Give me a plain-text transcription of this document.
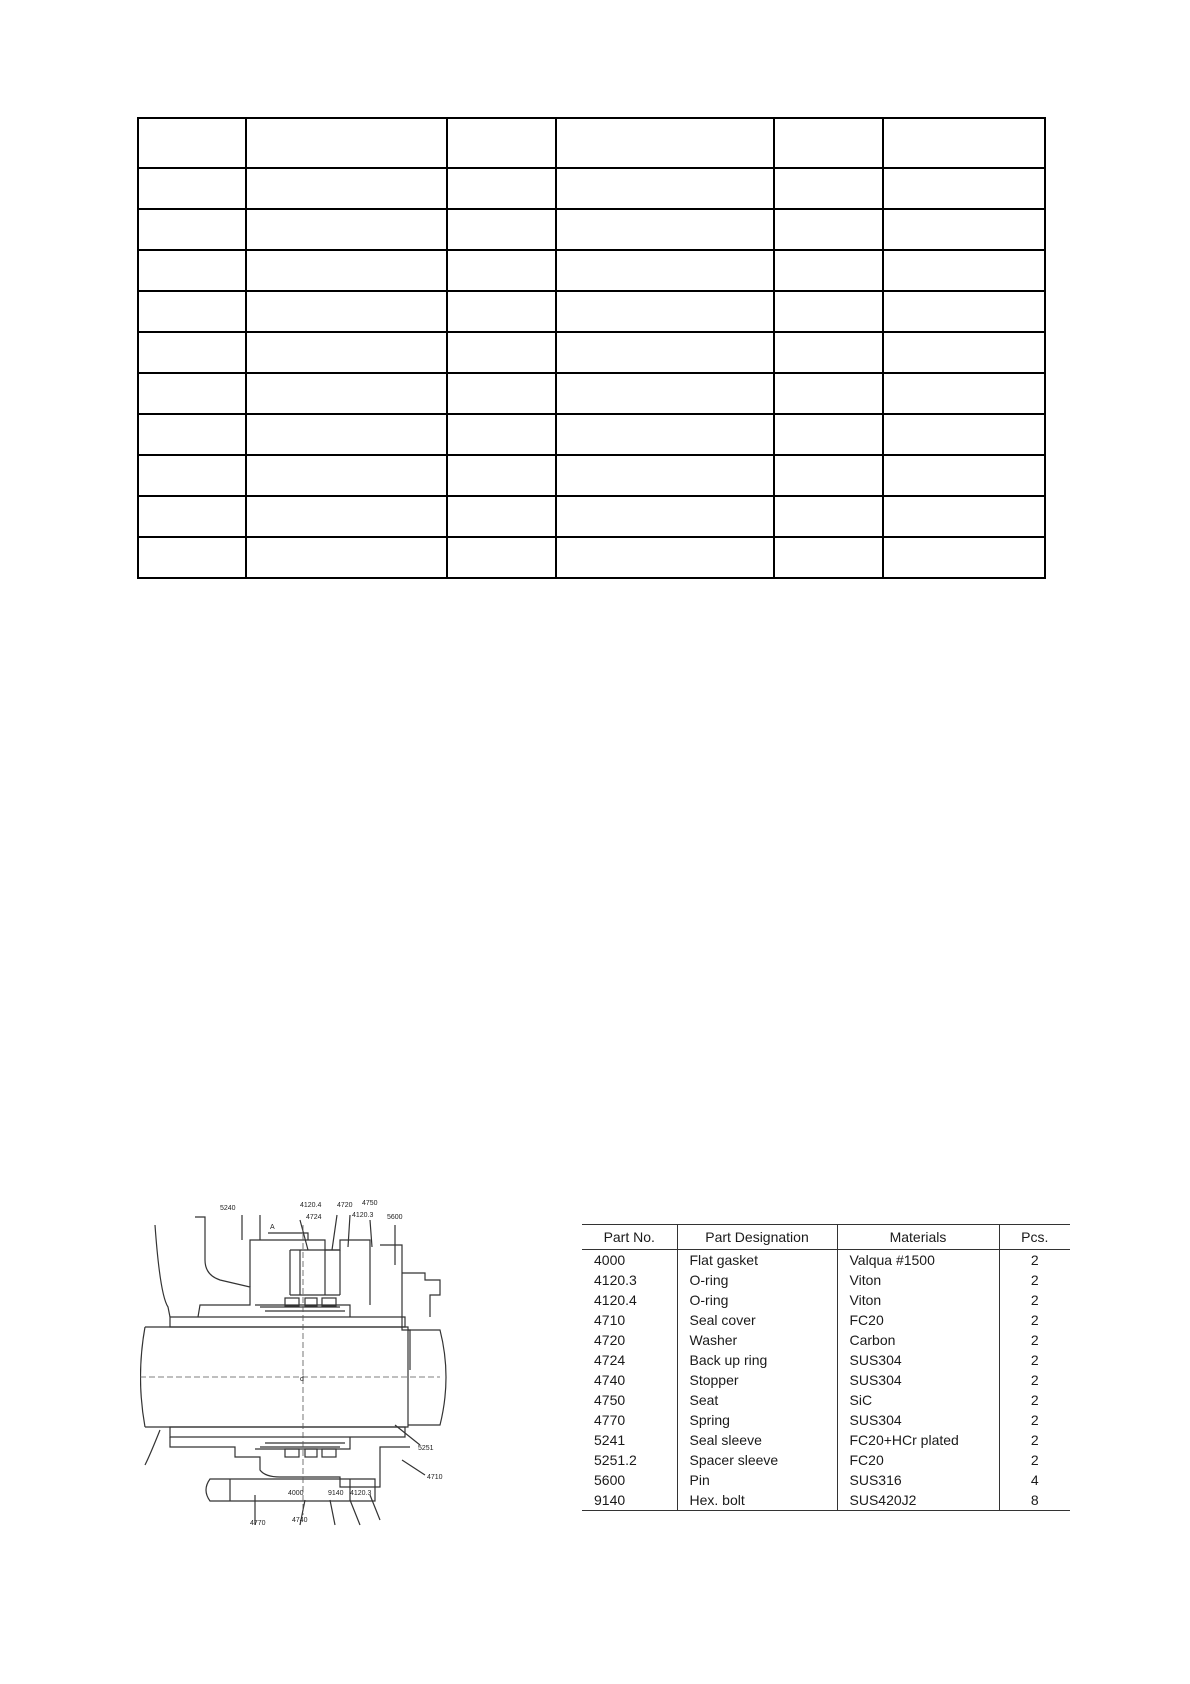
5240
A
4120.4
4724
4720 4750
4120.3 5600
d
5251
4710
4000	9140 4120.3
4770	4740
Part No.	Part Designation	Materials	Pcs.
4000	Flat gasket	Valqua #1500	2
4120.3	O-ring	Viton	2
4120.4	O-ring	Viton	2
4710	Seal cover	FC20	2
4720	Washer	Carbon	2
4724	Back up ring	SUS304	2
4740	Stopper	SUS304	2
4750	Seat	SiC	2
4770	Spring	SUS304	2
5241	Seal sleeve	FC20+HCr plated	2
5251.2	Spacer sleeve	FC20	2
5600	Pin	SUS316	4
9140	Hex. bolt	SUS420J2	8
